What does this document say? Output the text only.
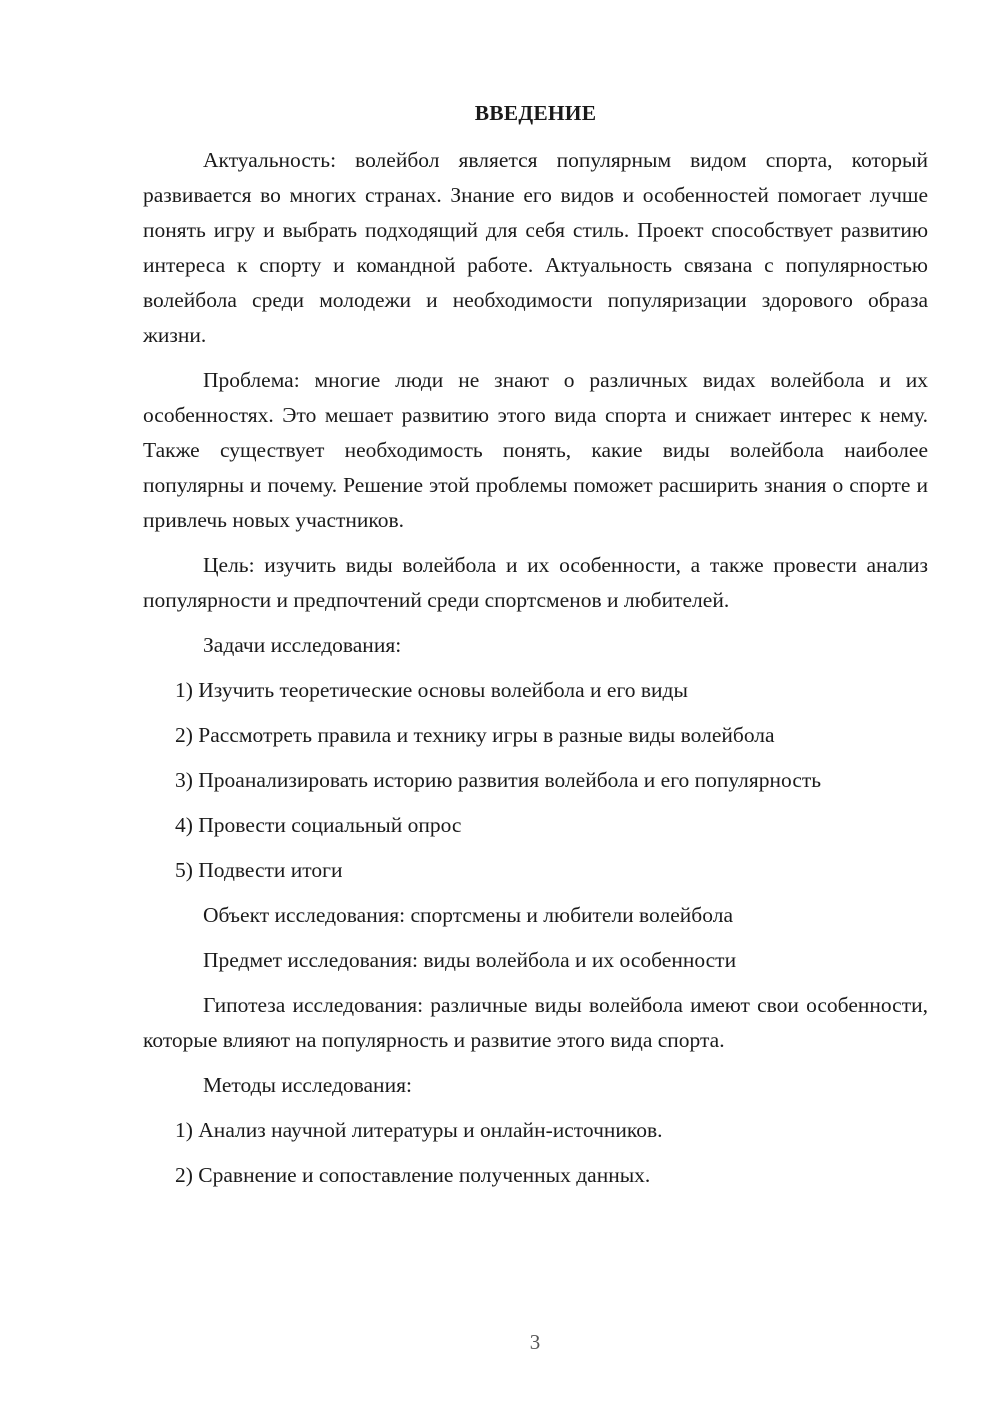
ВВЕДЕНИЕ

Актуальность: волейбол является популярным видом спорта, который развивается во многих странах. Знание его видов и особенностей помогает лучше понять игру и выбрать подходящий для себя стиль. Проект способствует развитию интереса к спорту и командной работе. Актуальность связана с популярностью волейбола среди молодежи и необходимости популяризации здорового образа жизни.

Проблема: многие люди не знают о различных видах волейбола и их особенностях. Это мешает развитию этого вида спорта и снижает интерес к нему. Также существует необходимость понять, какие виды волейбола наиболее популярны и почему. Решение этой проблемы поможет расширить знания о спорте и привлечь новых участников.

Цель: изучить виды волейбола и их особенности, а также провести анализ популярности и предпочтений среди спортсменов и любителей.

Задачи исследования:

1) Изучить теоретические основы волейбола и его виды

2) Рассмотреть правила и технику игры в разные виды волейбола

3) Проанализировать историю развития волейбола и его популярность

4) Провести социальный опрос

5) Подвести итоги

Объект исследования: спортсмены и любители волейбола

Предмет исследования: виды волейбола и их особенности

Гипотеза исследования: различные виды волейбола имеют свои особенности, которые влияют на популярность и развитие этого вида спорта.

Методы исследования:

1) Анализ научной литературы и онлайн-источников.

2) Сравнение и сопоставление полученных данных.

3
